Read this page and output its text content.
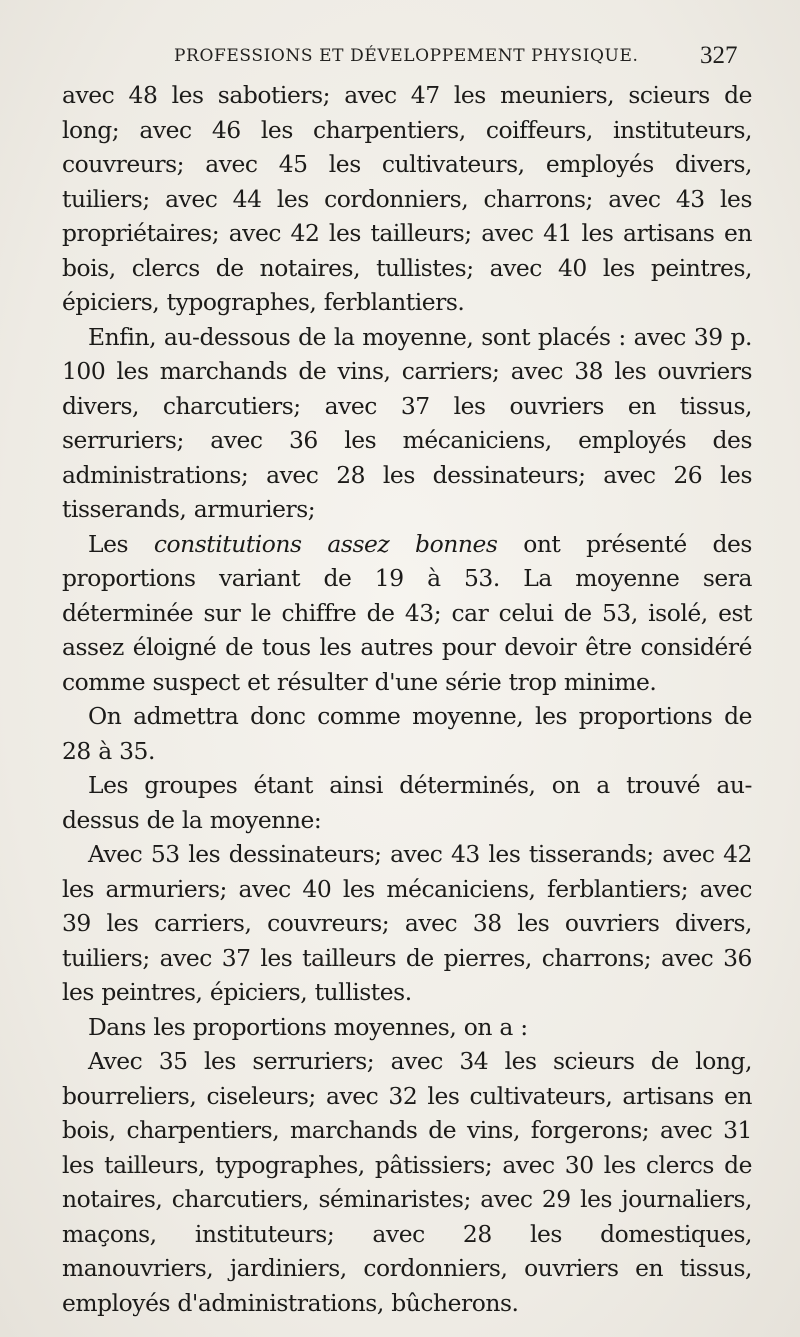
PROFESSIONS ET DÉVELOPPEMENT PHYSIQUE. 327

avec 48 les sabotiers; avec 47 les meuniers, scieurs de long; avec 46 les charpentiers, coiffeurs, instituteurs, couvreurs; avec 45 les cultivateurs, employés divers, tuiliers; avec 44 les cordonniers, charrons; avec 43 les propriétaires; avec 42 les tailleurs; avec 41 les artisans en bois, clercs de notaires, tullistes; avec 40 les peintres, épiciers, typographes, ferblantiers.

Enfin, au-dessous de la moyenne, sont placés : avec 39 p. 100 les marchands de vins, carriers; avec 38 les ouvriers divers, charcutiers; avec 37 les ouvriers en tissus, serruriers; avec 36 les mécaniciens, employés des administrations; avec 28 les dessinateurs; avec 26 les tisserands, armuriers;

Les constitutions assez bonnes ont présenté des proportions variant de 19 à 53. La moyenne sera déterminée sur le chiffre de 43; car celui de 53, isolé, est assez éloigné de tous les autres pour devoir être considéré comme suspect et résulter d'une série trop minime.

On admettra donc comme moyenne, les proportions de 28 à 35.

Les groupes étant ainsi déterminés, on a trouvé au-dessus de la moyenne:

Avec 53 les dessinateurs; avec 43 les tisserands; avec 42 les armuriers; avec 40 les mécaniciens, ferblantiers; avec 39 les carriers, couvreurs; avec 38 les ouvriers divers, tuiliers; avec 37 les tailleurs de pierres, charrons; avec 36 les peintres, épiciers, tullistes.

Dans les proportions moyennes, on a :

Avec 35 les serruriers; avec 34 les scieurs de long, bourreliers, ciseleurs; avec 32 les cultivateurs, artisans en bois, charpentiers, marchands de vins, forgerons; avec 31 les tailleurs, typographes, pâtissiers; avec 30 les clercs de notaires, charcutiers, séminaristes; avec 29 les journaliers, maçons, instituteurs; avec 28 les domestiques, manouvriers, jardiniers, cordonniers, ouvriers en tissus, employés d'administrations, bûcherons.
